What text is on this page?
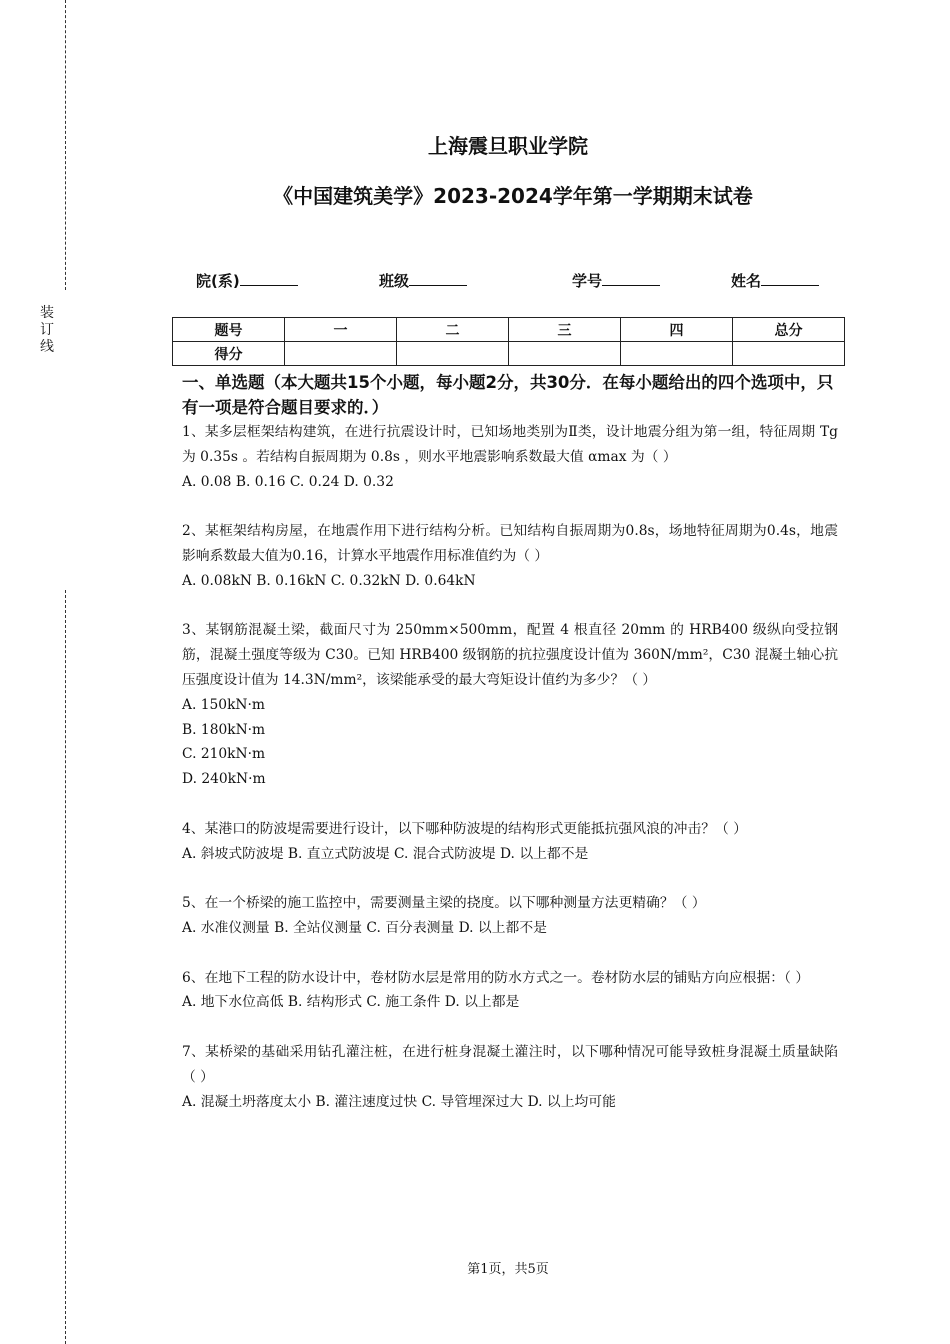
装订线
上海震旦职业学院
《中国建筑美学》2023-2024学年第一学期期末试卷
院(系)	班级	学号	姓名
题号	一	二	三	四	总分
得分					
一、单选题（本大题共15个小题，每小题2分，共30分．在每小题给出的四个选项中，只有一项是符合题目要求的．）

1、某多层框架结构建筑，在进行抗震设计时，已知场地类别为Ⅱ类，设计地震分组为第一组，特征周期 Tg 为 0.35s 。若结构自振周期为 0.8s ，则水平地震影响系数最大值 αmax 为（ ）

A. 0.08 B. 0.16 C. 0.24 D. 0.32

2、某框架结构房屋，在地震作用下进行结构分析。已知结构自振周期为0.8s，场地特征周期为0.4s，地震影响系数最大值为0.16，计算水平地震作用标准值约为（ ）

A. 0.08kN B. 0.16kN C. 0.32kN D. 0.64kN

3、某钢筋混凝土梁，截面尺寸为 250mm×500mm，配置 4 根直径 20mm 的 HRB400 级纵向受拉钢筋，混凝土强度等级为 C30。已知 HRB400 级钢筋的抗拉强度设计值为 360N/mm²，C30 混凝土轴心抗压强度设计值为 14.3N/mm²，该梁能承受的最大弯矩设计值约为多少？（ ）

A. 150kN·m

B. 180kN·m

C. 210kN·m

D. 240kN·m

4、某港口的防波堤需要进行设计，以下哪种防波堤的结构形式更能抵抗强风浪的冲击？（ ）

A. 斜坡式防波堤 B. 直立式防波堤 C. 混合式防波堤 D. 以上都不是

5、在一个桥梁的施工监控中，需要测量主梁的挠度。以下哪种测量方法更精确？（ ）

A. 水准仪测量 B. 全站仪测量 C. 百分表测量 D. 以上都不是

6、在地下工程的防水设计中，卷材防水层是常用的防水方式之一。卷材防水层的铺贴方向应根据：（ ）

A. 地下水位高低 B. 结构形式 C. 施工条件 D. 以上都是

7、某桥梁的基础采用钻孔灌注桩，在进行桩身混凝土灌注时，以下哪种情况可能导致桩身混凝土质量缺陷（ ）

A. 混凝土坍落度太小 B. 灌注速度过快 C. 导管埋深过大 D. 以上均可能

第1页，共5页
